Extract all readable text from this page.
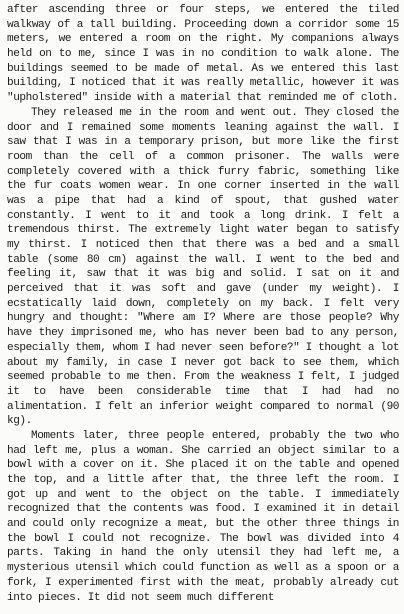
after ascending three or four steps, we entered the tiled walkway of a tall building. Proceeding down a corridor some 15 meters, we entered a room on the right. My companions always held on to me, since I was in no condition to walk alone. The buildings seemed to be made of metal. As we entered this last building, I noticed that it was really metallic, however it was "upholstered" inside with a material that reminded me of cloth.

They released me in the room and went out. They closed the door and I remained some moments leaning against the wall. I saw that I was in a temporary prison, but more like the first room than the cell of a common prisoner. The walls were completely covered with a thick furry fabric, something like the fur coats women wear. In one corner inserted in the wall was a pipe that had a kind of spout, that gushed water constantly. I went to it and took a long drink. I felt a tremendous thirst. The extremely light water began to satisfy my thirst. I noticed then that there was a bed and a small table (some 80 cm) against the wall. I went to the bed and feeling it, saw that it was big and solid. I sat on it and perceived that it was soft and gave (under my weight). I ecstatically laid down, completely on my back. I felt very hungry and thought: "Where am I? Where are those people? Why have they imprisoned me, who has never been bad to any person, especially them, whom I had never seen before?" I thought a lot about my family, in case I never got back to see them, which seemed probable to me then. From the weakness I felt, I judged it to have been considerable time that I had had no alimentation. I felt an inferior weight compared to normal (90 kg).

Moments later, three people entered, probably the two who had left me, plus a woman. She carried an object similar to a bowl with a cover on it. She placed it on the table and opened the top, and a little after that, the three left the room. I got up and went to the object on the table. I immediately recognized that the contents was food. I examined it in detail and could only recognize a meat, but the other three things in the bowl I could not recognize. The bowl was divided into 4 parts. Taking in hand the only utensil they had left me, a mysterious utensil which could function as well as a spoon or a fork, I experimented first with the meat, probably already cut into pieces. It did not seem much different
